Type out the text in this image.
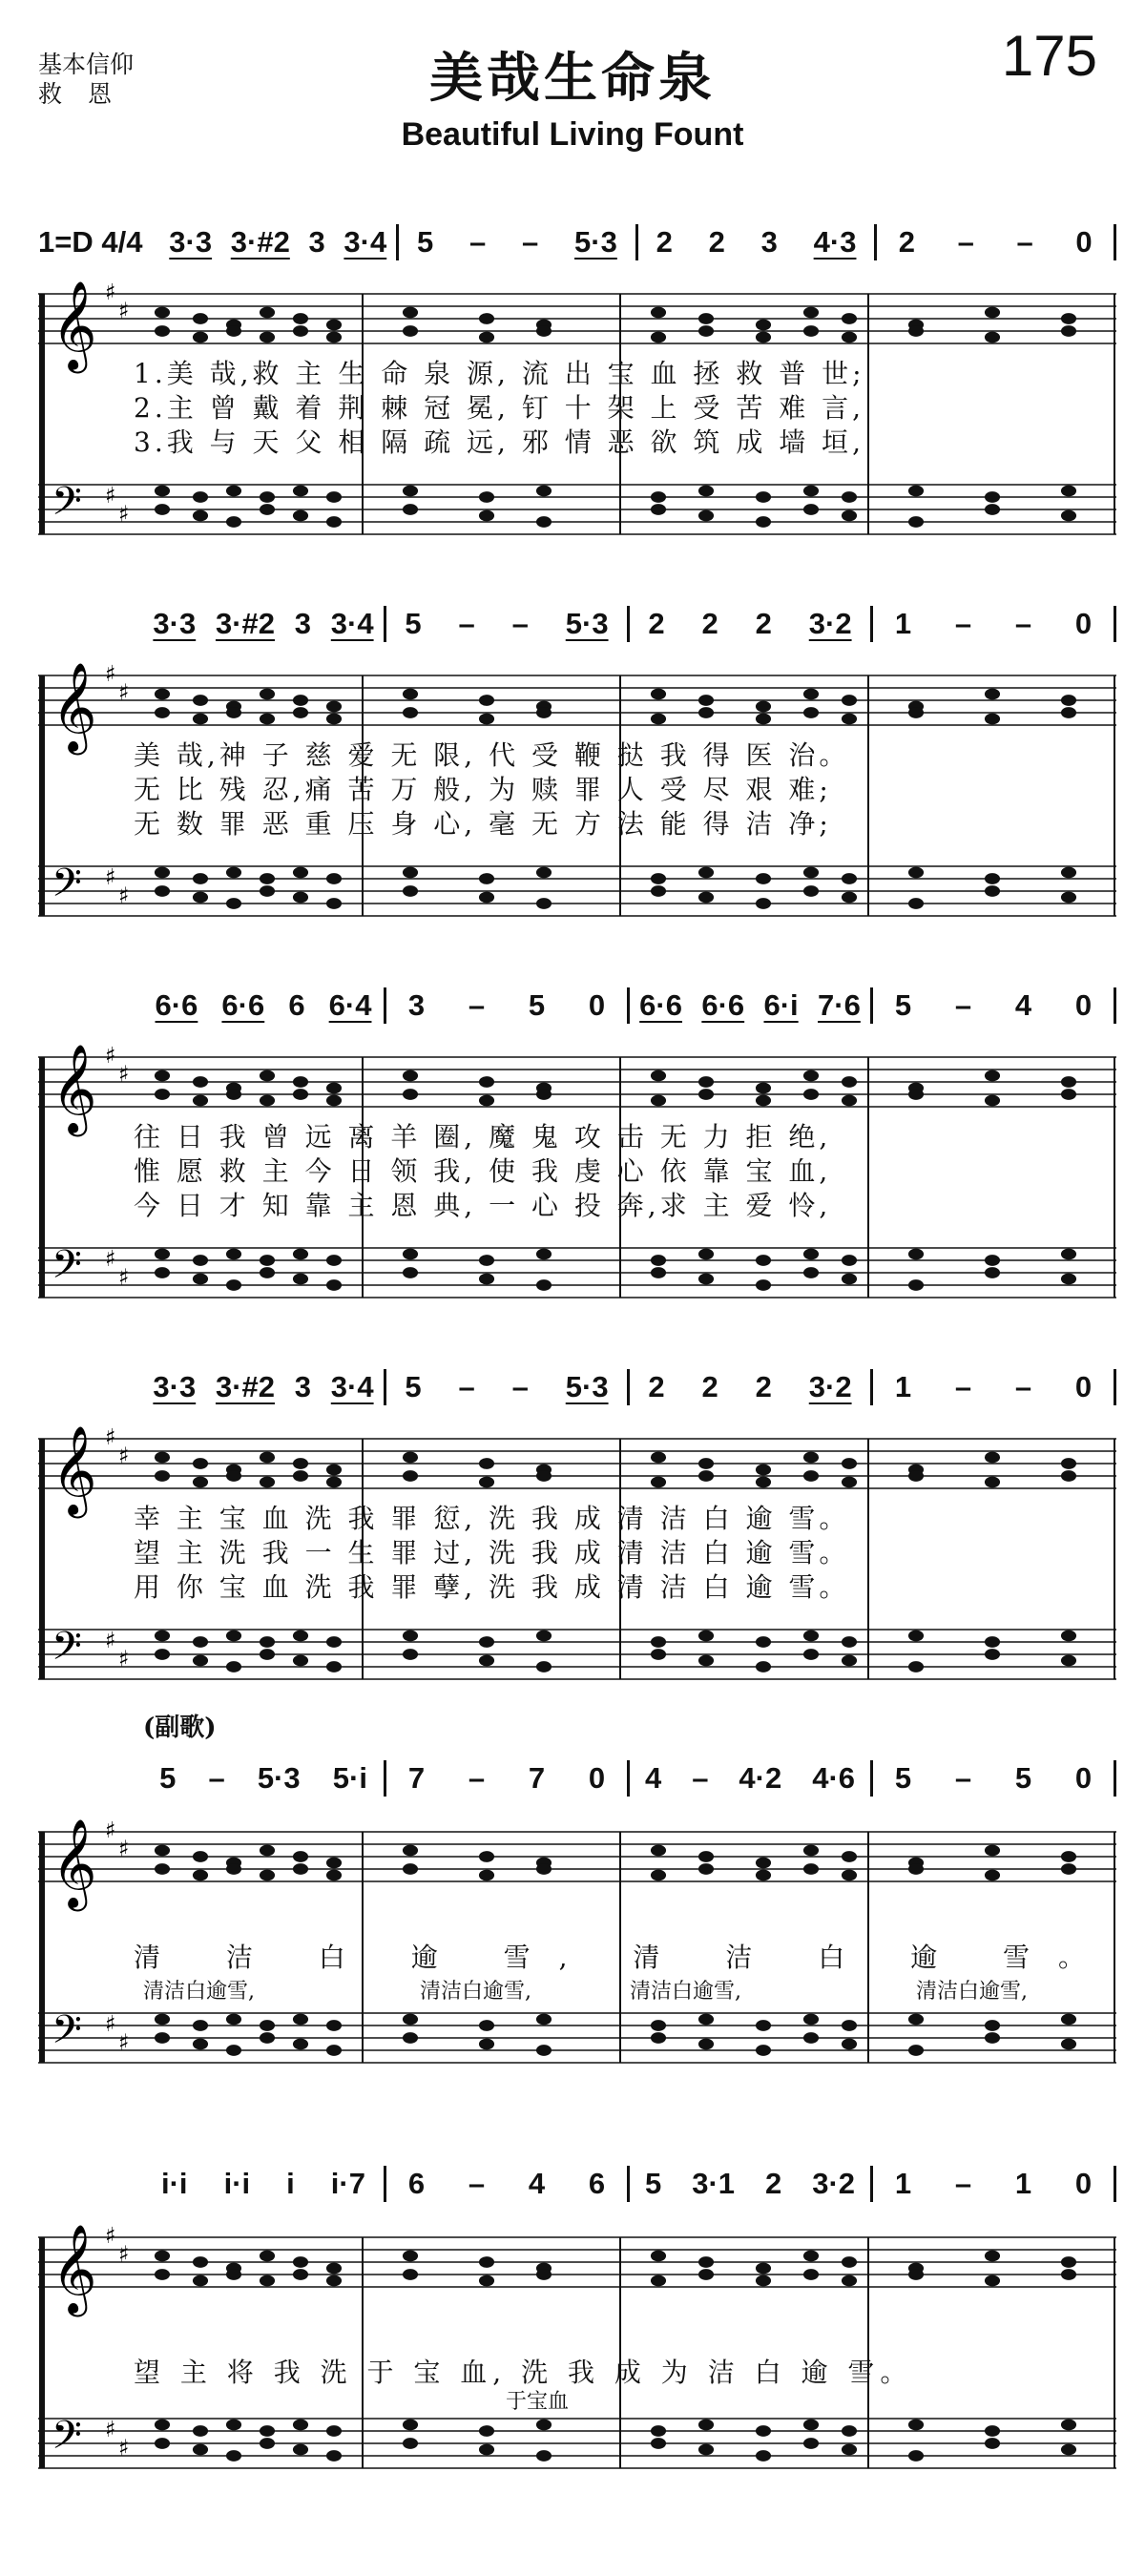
基本信仰
救恩	美哉生命泉
Beautiful Living Fount
175
1=D 4/4 3·3 3·#2 3 3·4 5 – – 5·3 2 2 3 4·3 2 – – 0
𝄞
𝄢
♯
♯
♯
♯
1.美 哉,救 主 生 命 泉 源, 流 出 宝 血 拯 救 普 世;
2.主 曾 戴 着 荆 棘 冠 冕, 钉 十 架 上 受 苦 难 言,
3.我 与 天 父 相 隔 疏 远, 邪 情 恶 欲 筑 成 墙 垣,
3·3 3·#2 3 3·4 5 – – 5·3 2 2 2 3·2 1 – – 0
𝄞
𝄢
♯
♯
♯
♯
美 哉,神 子 慈 爱 无 限, 代 受 鞭 挞 我 得 医 治。
无 比 残 忍,痛 苦 万 般, 为 赎 罪 人 受 尽 艰 难;
无 数 罪 恶 重 压 身 心, 毫 无 方 法 能 得 洁 净;
6·6 6·6 6 6·4 3 – 5 0 6·6 6·6 6·i 7·6 5 – 4 0
𝄞
𝄢
♯
♯
♯
♯
往 日 我 曾 远 离 羊 圈, 魔 鬼 攻 击 无 力 拒 绝,
惟 愿 救 主 今 日 领 我, 使 我 虔 心 依 靠 宝 血,
今 日 才 知 靠 主 恩 典, 一 心 投 奔,求 主 爱 怜,
3·3 3·#2 3 3·4 5 – – 5·3 2 2 2 3·2 1 – – 0
𝄞
𝄢
♯
♯
♯
♯
幸 主 宝 血 洗 我 罪 愆, 洗 我 成 清 洁 白 逾 雪。
望 主 洗 我 一 生 罪 过, 洗 我 成 清 洁 白 逾 雪。
用 你 宝 血 洗 我 罪 孽, 洗 我 成 清 洁 白 逾 雪。
5 – 5·3 5·i 7 – 7 0 4 – 4·2 4·6 5 – 5 0
𝄞
𝄢
♯
♯
♯
♯
清 洁 白 逾 雪, 清 洁 白 逾 雪。
i·i i·i i i·7 6 – 4 6 5 3·1 2 3·2 1 – 1 0
𝄞
𝄢
♯
♯
♯
♯
望 主 将 我 洗 于 宝 血, 洗 我 成 为 洁 白 逾 雪。
(副歌)
清洁白逾雪,	清洁白逾雪,	清洁白逾雪,	清洁白逾雪,
于宝血
